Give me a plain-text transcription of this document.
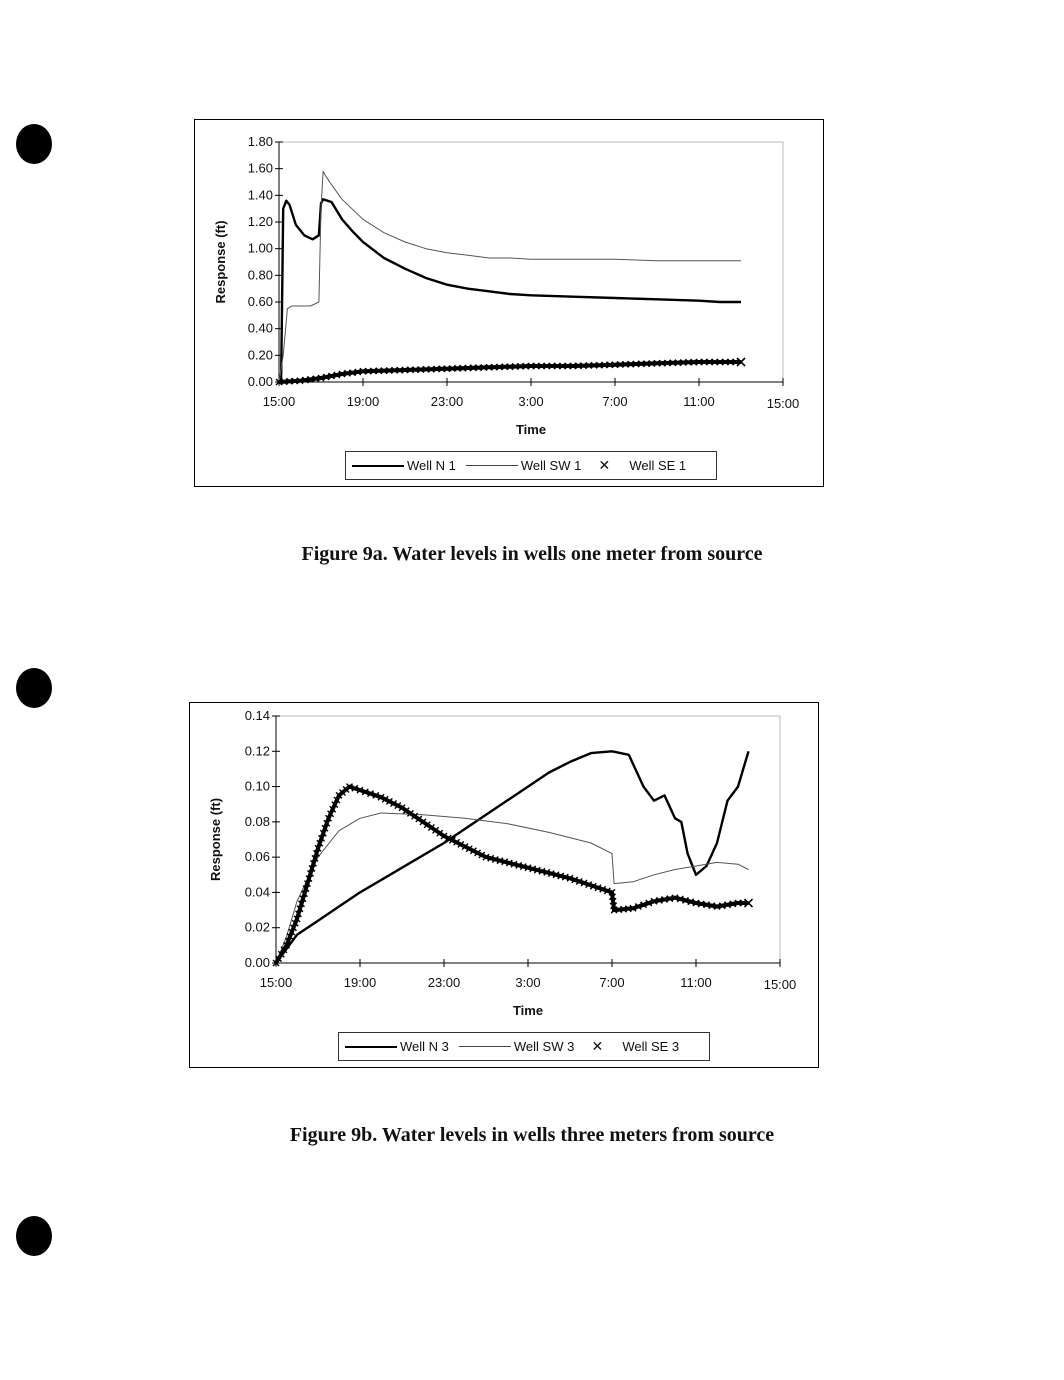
0.00
0.20
0.40
0.60
0.80
1.00
1.20
1.40
1.60
1.80
15:00	19:00	23:00	3:00	7:00	11:00	15:00
Time
Response (ft)
Well N 1	Well SW 1	✕	Well SE 1
Figure 9a. Water levels in wells one meter from source
0.00
0.02
0.04
0.06
0.08
0.10
0.12
0.14
15:00	19:00	23:00	3:00	7:00	11:00	15:00
Time
Response (ft)
Well N 3	Well SW 3	✕	Well SE 3
Figure 9b. Water levels in wells three meters from source
